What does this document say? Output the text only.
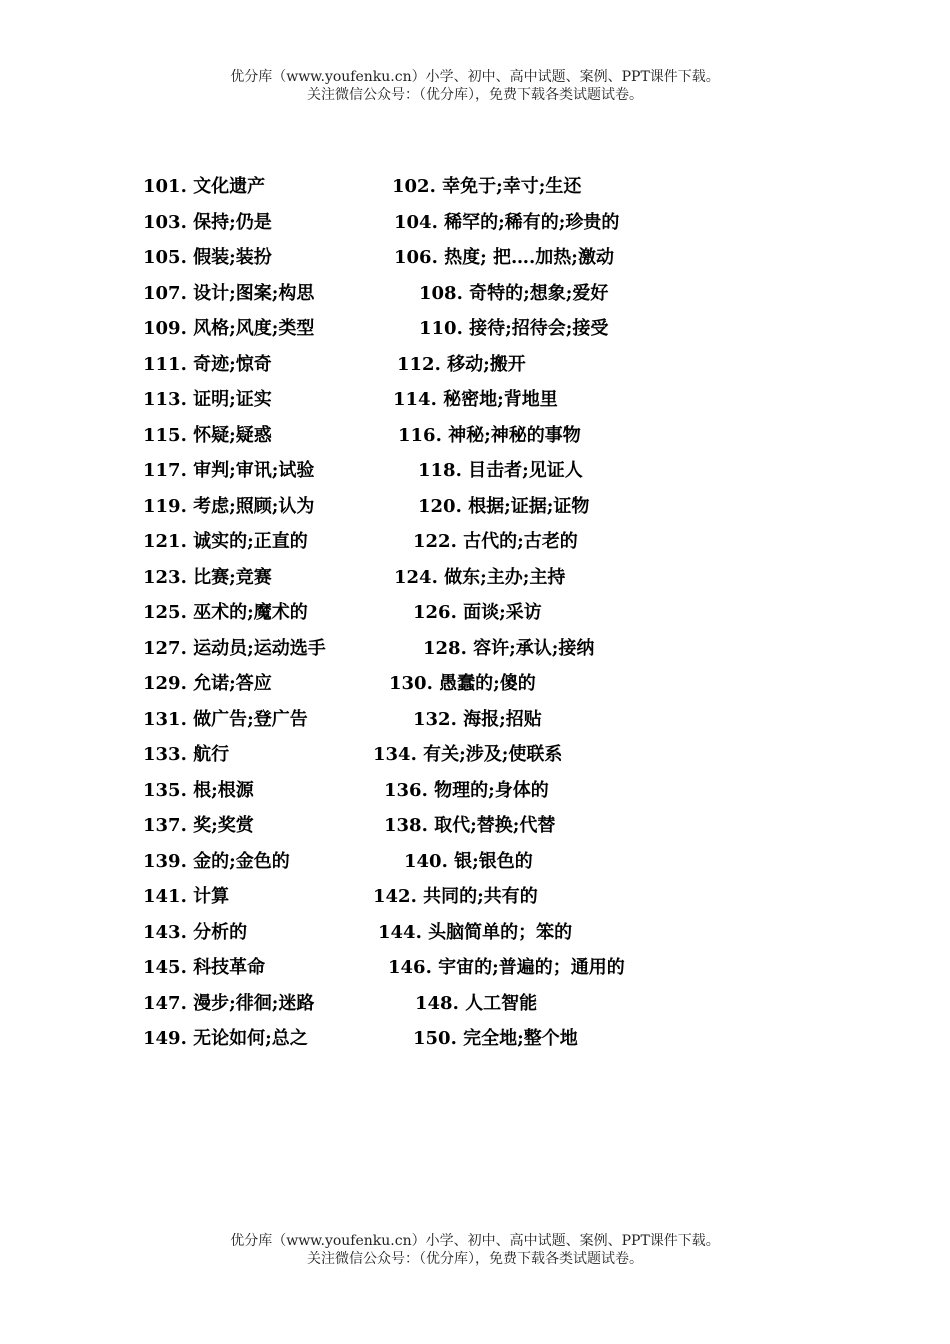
优分库（www.youfenku.cn）小学、初中、高中试题、案例、PPT课件下载。
关注微信公众号：（优分库），免费下载各类试题试卷。
101. 文化遗产	102. 幸免于;幸寸;生还
103. 保持;仍是	104. 稀罕的;稀有的;珍贵的
105. 假装;装扮	106. 热度; 把….加热;激动
107. 设计;图案;构思	108. 奇特的;想象;爱好
109. 风格;风度;类型	110. 接待;招待会;接受
111. 奇迹;惊奇	112. 移动;搬开
113. 证明;证实	114. 秘密地;背地里
115. 怀疑;疑惑	116. 神秘;神秘的事物
117. 审判;审讯;试验	118. 目击者;见证人
119. 考虑;照顾;认为	120. 根据;证据;证物
121. 诚实的;正直的	122. 古代的;古老的
123. 比赛;竞赛	124. 做东;主办;主持
125. 巫术的;魔术的	126. 面谈;采访
127. 运动员;运动选手	128. 容许;承认;接纳
129. 允诺;答应	130. 愚蠢的;傻的
131. 做广告;登广告	132. 海报;招贴
133. 航行	134. 有关;涉及;使联系
135. 根;根源	136. 物理的;身体的
137. 奖;奖赏	138. 取代;替换;代替
139. 金的;金色的	140. 银;银色的
141. 计算	142. 共同的;共有的
143. 分析的	144. 头脑简单的；笨的
145. 科技革命	146. 宇宙的;普遍的；通用的
147. 漫步;徘徊;迷路	148. 人工智能
149. 无论如何;总之	150. 完全地;整个地
优分库（www.youfenku.cn）小学、初中、高中试题、案例、PPT课件下载。
关注微信公众号：（优分库），免费下载各类试题试卷。
